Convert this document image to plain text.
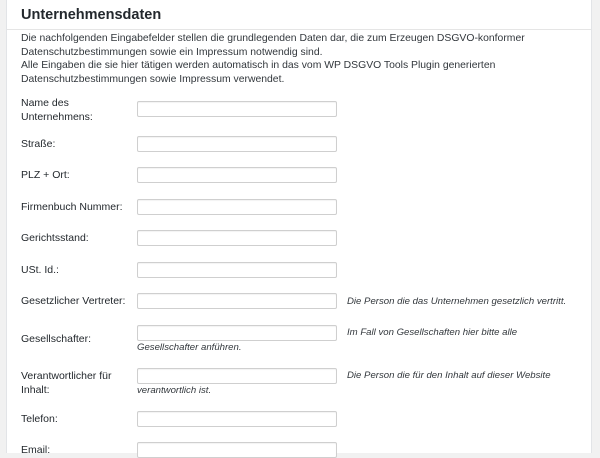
Unternehmensdaten

Die nachfolgenden Eingabefelder stellen die grundlegenden Daten dar, die zum Erzeugen DSGVO-konformer Datenschutzbestimmungen sowie ein Impressum notwendig sind.

Alle Eingaben die sie hier tätigen werden automatisch in das vom WP DSGVO Tools Plugin generierten Datenschutzbestimmungen sowie Impressum verwendet.

Name des Unternehmens:
Straße:
PLZ + Ort:
Firmenbuch Nummer:
Gerichtsstand:
USt. Id.:
Gesetzlicher Vertreter:	Die Person die das Unternehmen gesetzlich vertritt.
Gesellschafter:
Im Fall von Gesellschaften hier bitte alle Gesellschafter anführen.
Verantwortlicher für Inhalt:
Die Person die für den Inhalt auf dieser Website verantwortlich ist.
Telefon:
Email:
